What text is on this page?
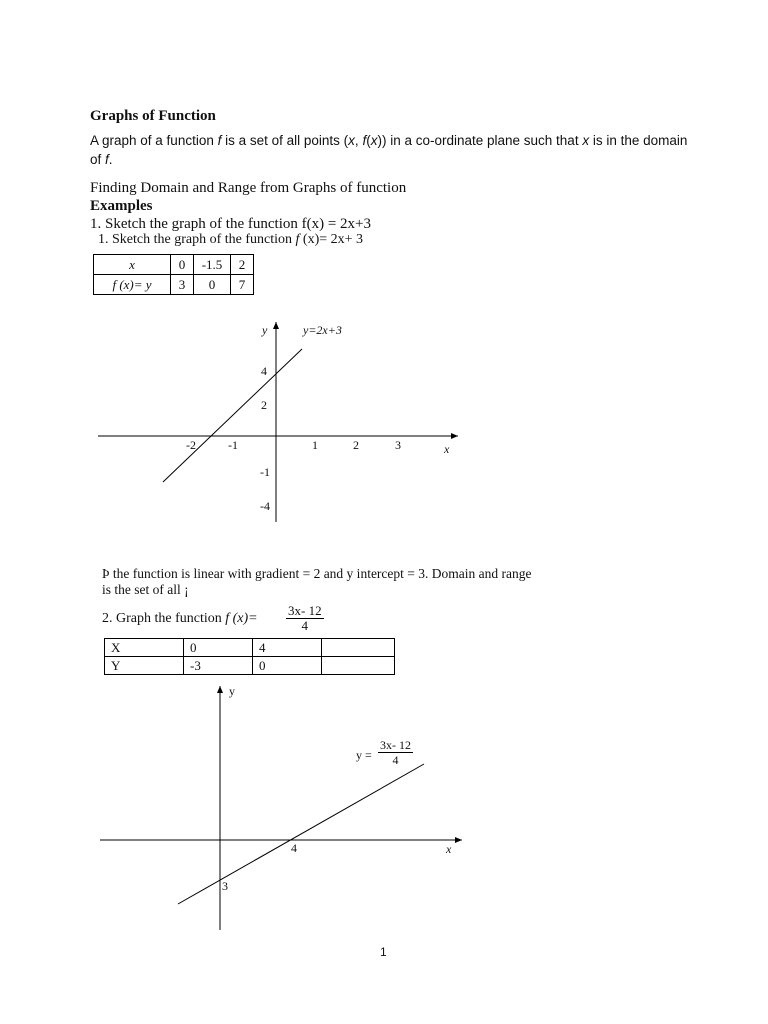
Graphs of Function
A graph of a function f is a set of all points (x, f(x)) in a co-ordinate plane such that x is in the domain of f.
Finding Domain and Range from Graphs of function
Examples
1. Sketch the graph of the function f(x) = 2x+3
1. Sketch the graph of the function f (x)= 2x+ 3
x	0	-1.5	2
f (x)= y	3	0	7
y	y=2x+3
x
-2	-1	1	2	3
4
2
-1
-4
y
x
4
3
$y = \frac{3x- 12}{4}$
Þ the function is linear with gradient = 2 and y intercept = 3. Domain and range
is the set of all ¡
2. Graph the function f $(x)= \frac{3x- 12}{4}$
X	0	4	
Y	-3	0	
1
